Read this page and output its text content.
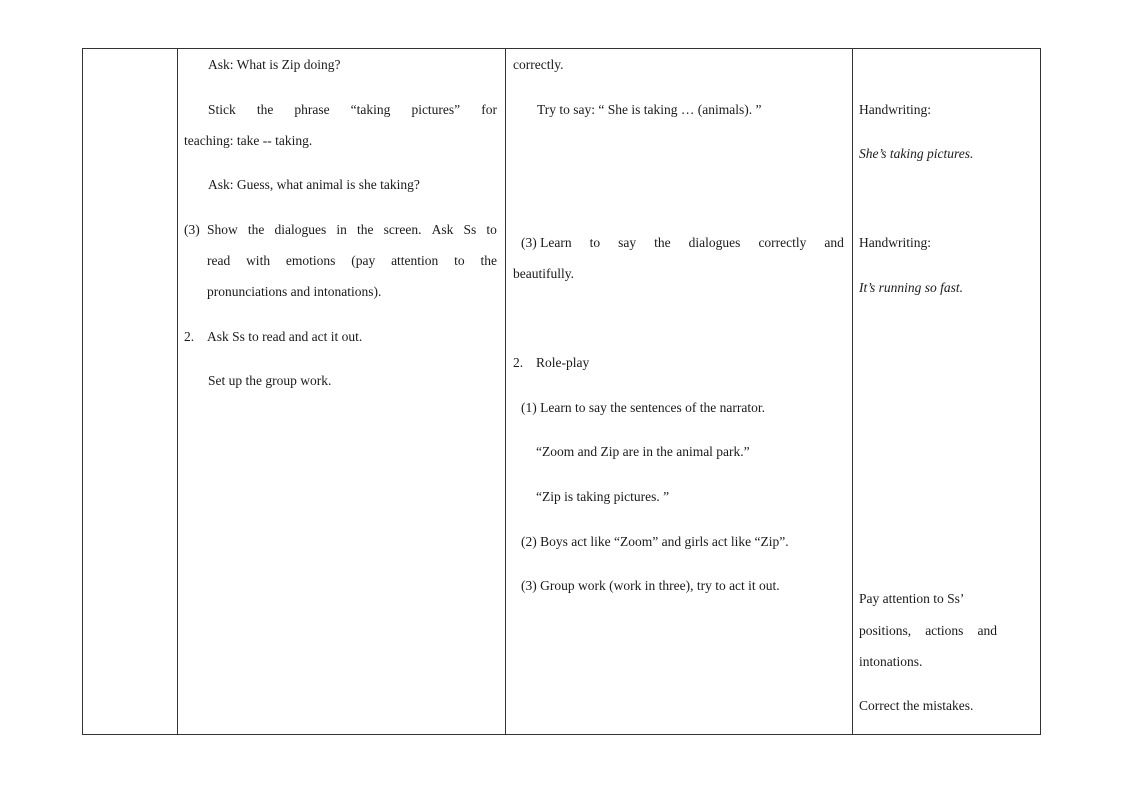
Ask: What is Zip doing?
Stick the phrase “taking pictures” for
teaching: take -- taking.
Ask: Guess, what animal is she taking?
(3) Show the dialogues in the screen. Ask Ss to
read with emotions (pay attention to the
pronunciations and intonations).
2. Ask Ss to read and act it out.
Set up the group work.
correctly.
Try to say: “ She is taking … (animals). ”
(3) Learn to say the dialogues correctly and
beautifully.
2. Role-play
(1) Learn to say the sentences of the narrator.
“Zoom and Zip are in the animal park.”
“Zip is taking pictures. ”
(2) Boys act like “Zoom” and girls act like “Zip”.
(3) Group work (work in three), try to act it out.
Handwriting:
She’s taking pictures.
Handwriting:
It’s running so fast.
Pay attention to Ss’
positions, actions and
intonations.
Correct the mistakes.
